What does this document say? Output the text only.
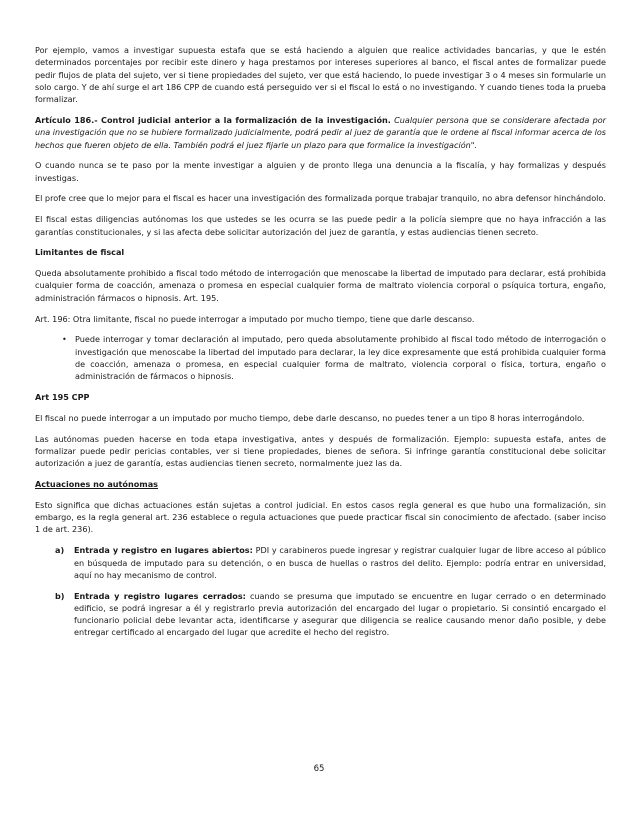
Por ejemplo, vamos a investigar supuesta estafa que se está haciendo a alguien que realice actividades bancarias, y que le estén determinados porcentajes por recibir este dinero y haga prestamos por intereses superiores al banco, el fiscal antes de formalizar puede pedir flujos de plata del sujeto, ver si tiene propiedades del sujeto, ver que está haciendo, lo puede investigar 3 o 4 meses sin formularle un solo cargo. Y de ahí surge el art 186 CPP de cuando está perseguido ver si el fiscal lo está o no investigando. Y cuando tienes toda la prueba formalizar.

Artículo 186.- Control judicial anterior a la formalización de la investigación. Cualquier persona que se considerare afectada por una investigación que no se hubiere formalizado judicialmente, podrá pedir al juez de garantía que le ordene al fiscal informar acerca de los hechos que fueren objeto de ella. También podrá el juez fijarle un plazo para que formalice la investigación".

O cuando nunca se te paso por la mente investigar a alguien y de pronto llega una denuncia a la fiscalía, y hay formalizas y después investigas.

El profe cree que lo mejor para el fiscal es hacer una investigación des formalizada porque trabajar tranquilo, no abra defensor hinchándolo.

El fiscal estas diligencias autónomas los que ustedes se les ocurra se las puede pedir a la policía siempre que no haya infracción a las garantías constitucionales, y si las afecta debe solicitar autorización del juez de garantía, y estas audiencias tienen secreto.

Limitantes de fiscal

Queda absolutamente prohibido a fiscal todo método de interrogación que menoscabe la libertad de imputado para declarar, está prohibida cualquier forma de coacción, amenaza o promesa en especial cualquier forma de maltrato violencia corporal o psíquica tortura, engaño, administración fármacos o hipnosis. Art. 195.

Art. 196: Otra limitante, fiscal no puede interrogar a imputado por mucho tiempo, tiene que darle descanso.

• Puede interrogar y tomar declaración al imputado, pero queda absolutamente prohibido al fiscal todo método de interrogación o investigación que menoscabe la libertad del imputado para declarar, la ley dice expresamente que está prohibida cualquier forma de coacción, amenaza o promesa, en especial cualquier forma de maltrato, violencia corporal o física, tortura, engaño o administración de fármacos o hipnosis.

Art 195 CPP

El fiscal no puede interrogar a un imputado por mucho tiempo, debe darle descanso, no puedes tener a un tipo 8 horas interrogándolo.

Las autónomas pueden hacerse en toda etapa investigativa, antes y después de formalización. Ejemplo: supuesta estafa, antes de formalizar puede pedir pericias contables, ver si tiene propiedades, bienes de señora. Si infringe garantía constitucional debe solicitar autorización a juez de garantía, estas audiencias tienen secreto, normalmente juez las da.

Actuaciones no autónomas

Esto significa que dichas actuaciones están sujetas a control judicial. En estos casos regla general es que hubo una formalización, sin embargo, es la regla general art. 236 establece o regula actuaciones que puede practicar fiscal sin conocimiento de afectado. (saber inciso 1 de art. 236).

a) Entrada y registro en lugares abiertos: PDI y carabineros puede ingresar y registrar cualquier lugar de libre acceso al público en búsqueda de imputado para su detención, o en busca de huellas o rastros del delito. Ejemplo: podría entrar en universidad, aquí no hay mecanismo de control.
b) Entrada y registro lugares cerrados: cuando se presuma que imputado se encuentre en lugar cerrado o en determinado edificio, se podrá ingresar a él y registrarlo previa autorización del encargado del lugar o propietario. Si consintió encargado el funcionario policial debe levantar acta, identificarse y asegurar que diligencia se realice causando menor daño posible, y debe entregar certificado al encargado del lugar que acredite el hecho del registro.
65
